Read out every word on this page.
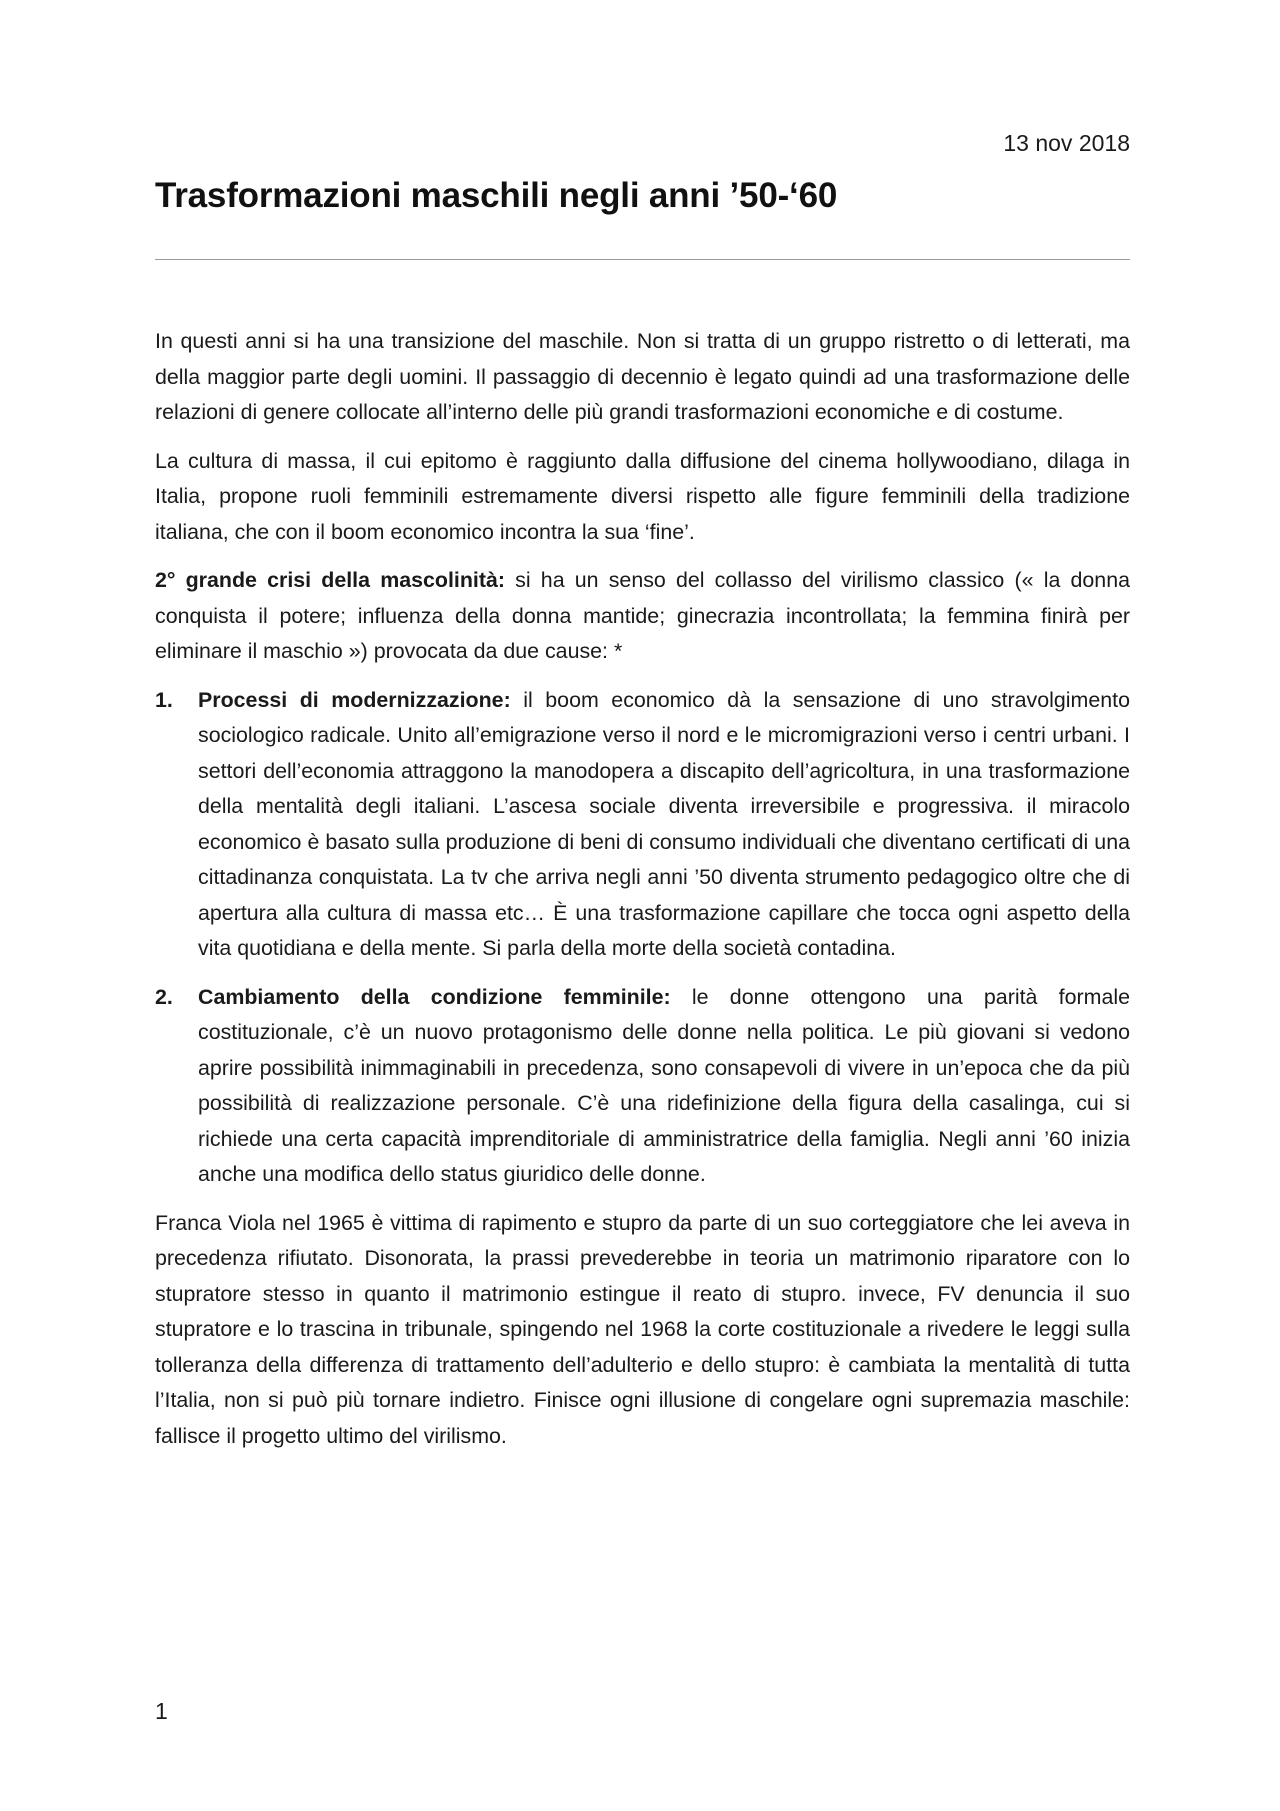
13 nov 2018
Trasformazioni maschili negli anni ’50-‘60

In questi anni si ha una transizione del maschile. Non si tratta di un gruppo ristretto o di letterati, ma della maggior parte degli uomini. Il passaggio di decennio è legato quindi ad una trasformazione delle relazioni di genere collocate all’interno delle più grandi trasformazioni economiche e di costume.

La cultura di massa, il cui epitomo è raggiunto dalla diffusione del cinema hollywoodiano, dilaga in Italia, propone ruoli femminili estremamente diversi rispetto alle figure femminili della tradizione italiana, che con il boom economico incontra la sua ‘fine’.

2° grande crisi della mascolinità: si ha un senso del collasso del virilismo classico (« la donna conquista il potere; influenza della donna mantide; ginecrazia incontrollata; la femmina finirà per eliminare il maschio ») provocata da due cause: *

1. Processi di modernizzazione: il boom economico dà la sensazione di uno stravolgimento sociologico radicale. Unito all’emigrazione verso il nord e le micromigrazioni verso i centri urbani. I settori dell’economia attraggono la manodopera a discapito dell’agricoltura, in una trasformazione della mentalità degli italiani. L’ascesa sociale diventa irreversibile e progressiva. il miracolo economico è basato sulla produzione di beni di consumo individuali che diventano certificati di una cittadinanza conquistata. La tv che arriva negli anni ’50 diventa strumento pedagogico oltre che di apertura alla cultura di massa etc… È una trasformazione capillare che tocca ogni aspetto della vita quotidiana e della mente. Si parla della morte della società contadina.
2. Cambiamento della condizione femminile: le donne ottengono una parità formale costituzionale, c’è un nuovo protagonismo delle donne nella politica. Le più giovani si vedono aprire possibilità inimmaginabili in precedenza, sono consapevoli di vivere in un’epoca che da più possibilità di realizzazione personale. C’è una ridefinizione della figura della casalinga, cui si richiede una certa capacità imprenditoriale di amministratrice della famiglia. Negli anni ’60 inizia anche una modifica dello status giuridico delle donne.

Franca Viola nel 1965 è vittima di rapimento e stupro da parte di un suo corteggiatore che lei aveva in precedenza rifiutato. Disonorata, la prassi prevederebbe in teoria un matrimonio riparatore con lo stupratore stesso in quanto il matrimonio estingue il reato di stupro. invece, FV denuncia il suo stupratore e lo trascina in tribunale, spingendo nel 1968 la corte costituzionale a rivedere le leggi sulla tolleranza della differenza di trattamento dell’adulterio e dello stupro: è cambiata la mentalità di tutta l’Italia, non si può più tornare indietro. Finisce ogni illusione di congelare ogni supremazia maschile: fallisce il progetto ultimo del virilismo.

1
